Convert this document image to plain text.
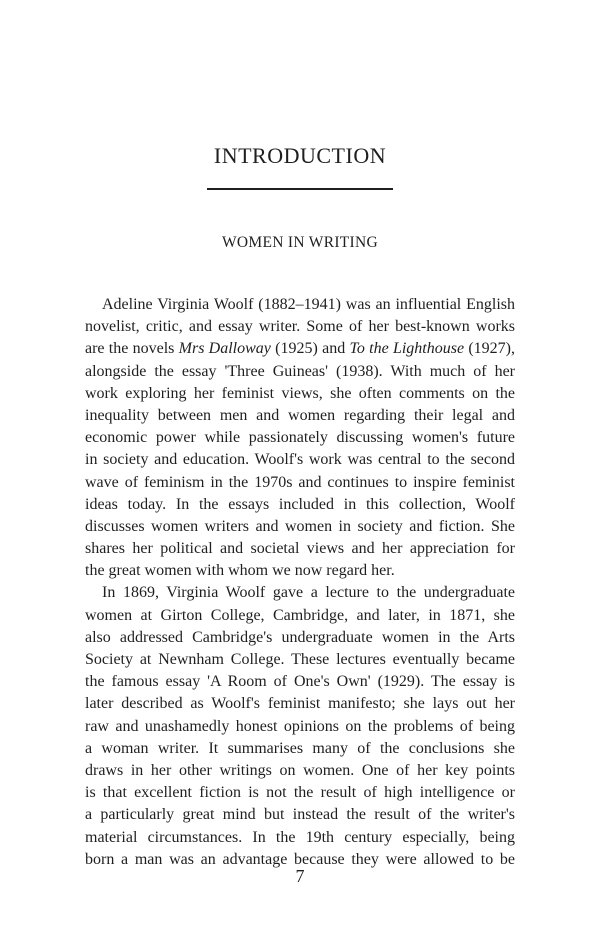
INTRODUCTION
WOMEN IN WRITING
Adeline Virginia Woolf (1882–1941) was an influential English
novelist, critic, and essay writer. Some of her best-known works
are the novels Mrs Dalloway (1925) and To the Lighthouse (1927),
alongside the essay 'Three Guineas' (1938). With much of her
work exploring her feminist views, she often comments on the
inequality between men and women regarding their legal and
economic power while passionately discussing women's future
in society and education. Woolf's work was central to the second
wave of feminism in the 1970s and continues to inspire feminist
ideas today. In the essays included in this collection, Woolf
discusses women writers and women in society and fiction. She
shares her political and societal views and her appreciation for
the great women with whom we now regard her.
In 1869, Virginia Woolf gave a lecture to the undergraduate
women at Girton College, Cambridge, and later, in 1871, she
also addressed Cambridge's undergraduate women in the Arts
Society at Newnham College. These lectures eventually became
the famous essay 'A Room of One's Own' (1929). The essay is
later described as Woolf's feminist manifesto; she lays out her
raw and unashamedly honest opinions on the problems of being
a woman writer. It summarises many of the conclusions she
draws in her other writings on women. One of her key points
is that excellent fiction is not the result of high intelligence or
a particularly great mind but instead the result of the writer's
material circumstances. In the 19th century especially, being
born a man was an advantage because they were allowed to be

7
